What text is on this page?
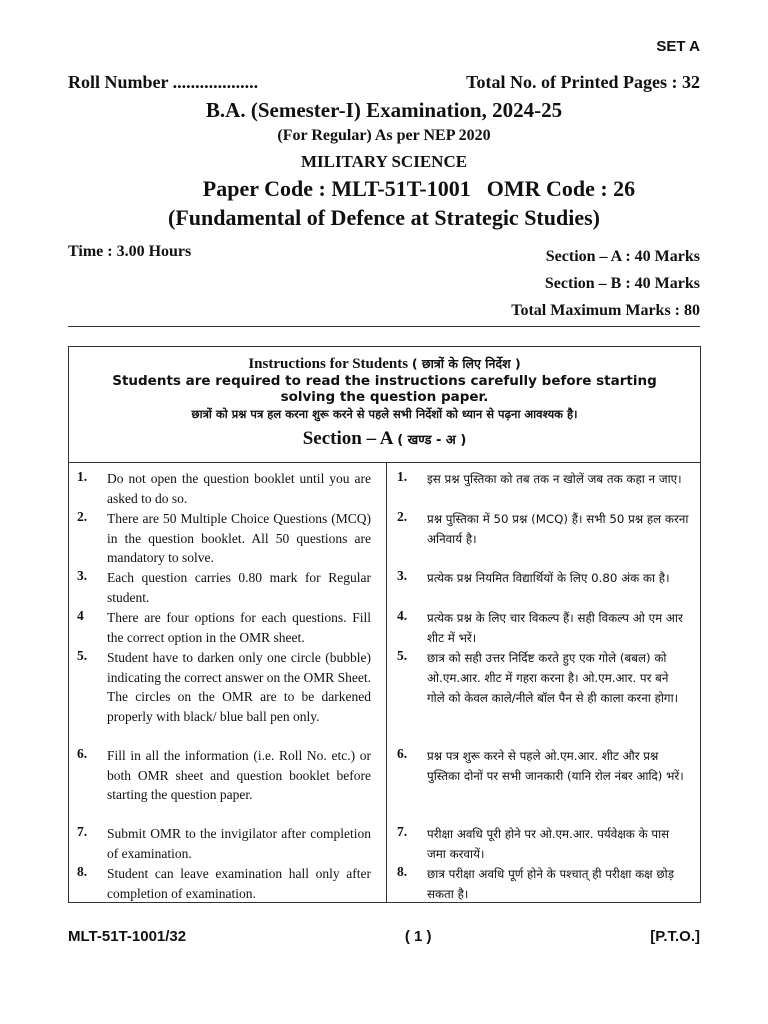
SET A
Roll Number ...................	Total No. of Printed Pages : 32
B.A. (Semester-I) Examination, 2024-25
(For Regular) As per NEP 2020
MILITARY SCIENCE
Paper Code : MLT-51T-1001 OMR Code : 26
(Fundamental of Defence at Strategic Studies)
Time : 3.00 Hours	Section – A : 40 Marks
Section – B : 40 Marks
Total Maximum Marks : 80
Instructions for Students ( छात्रों के लिए निर्देश )
Students are required to read the instructions carefully before starting solving the question paper.
छात्रों को प्रश्न पत्र हल करना शुरू करने से पहले सभी निर्देशों को ध्यान से पढ़ना आवश्यक है।
Section – A ( खण्ड - अ )
1.	Do not open the question booklet until you are asked to do so.
2.	There are 50 Multiple Choice Questions (MCQ) in the question booklet. All 50 questions are mandatory to solve.
3.	Each question carries 0.80 mark for Regular student.
4	There are four options for each questions. Fill the correct option in the OMR sheet.
5.	Student have to darken only one circle (bubble) indicating the correct answer on the OMR Sheet. The circles on the OMR are to be darkened properly with black/ blue ball pen only.
6.	Fill in all the information (i.e. Roll No. etc.) or both OMR sheet and question booklet before starting the question paper.
7.	Submit OMR to the invigilator after completion of examination.
8.	Student can leave examination hall only after completion of examination.
1.	इस प्रश्न पुस्तिका को तब तक न खोलें जब तक कहा न जाए।
2.	प्रश्न पुस्तिका में 50 प्रश्न (MCQ) हैं। सभी 50 प्रश्न हल करना अनिवार्य है।
3.	प्रत्येक प्रश्न नियमित विद्यार्थियों के लिए 0.80 अंक का है।
4.	प्रत्येक प्रश्न के लिए चार विकल्प हैं। सही विकल्प ओ एम आर शीट में भरें।
5.	छात्र को सही उत्तर निर्दिष्ट करते हुए एक गोले (बबल) को ओ.एम.आर. शीट में गहरा करना है। ओ.एम.आर. पर बने गोले को केवल काले/नीले बॉल पैन से ही काला करना होगा।
6.	प्रश्न पत्र शुरू करने से पहले ओ.एम.आर. शीट और प्रश्न पुस्तिका दोनों पर सभी जानकारी (यानि रोल नंबर आदि) भरें।
7.	परीक्षा अवधि पूरी होने पर ओ.एम.आर. पर्यवेक्षक के पास जमा करवायें।
8.	छात्र परीक्षा अवधि पूर्ण होने के पश्चात् ही परीक्षा कक्ष छोड़ सकता है।
MLT-51T-1001/32	( 1 )	[P.T.O.]
